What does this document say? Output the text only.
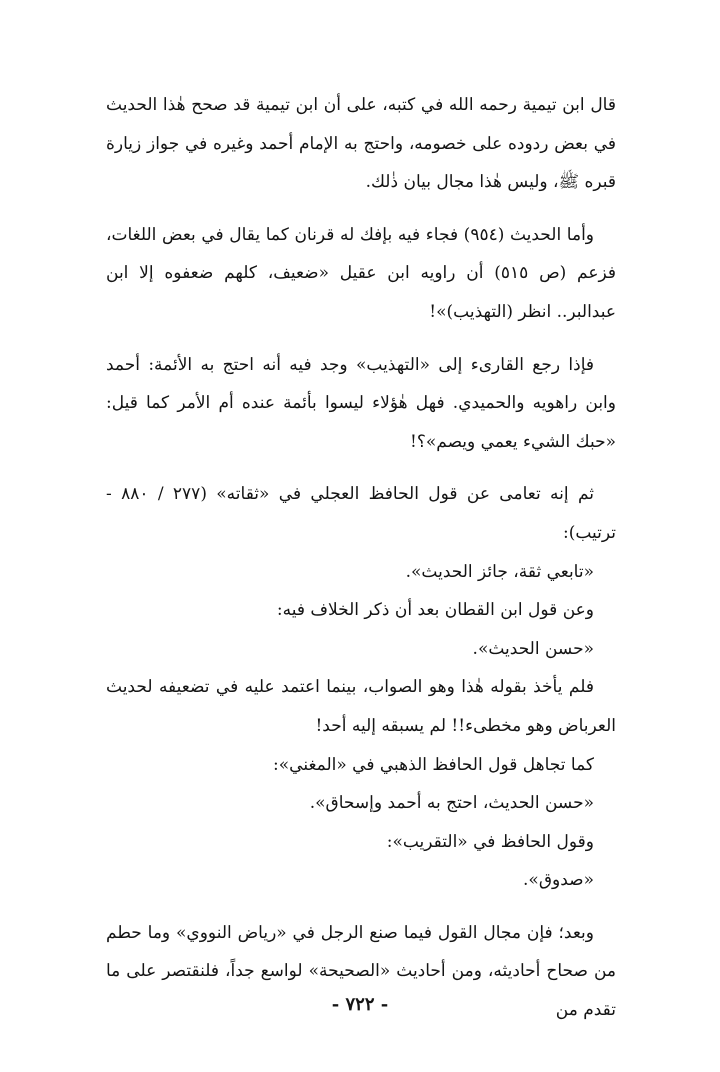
قال ابن تيمية رحمه الله في كتبه، على أن ابن تيمية قد صحح هٰذا الحديث في بعض ردوده على خصومه، واحتج به الإمام أحمد وغيره في جواز زيارة قبره ﷺ، وليس هٰذا مجال بيان ذٰلك.

وأما الحديث (٩٥٤) فجاء فيه بإفك له قرنان كما يقال في بعض اللغات، فزعم (ص ٥١٥) أن راويه ابن عقيل «ضعيف، كلهم ضعفوه إلا ابن عبدالبر.. انظر (التهذيب)»!

فإذا رجع القارىء إلى «التهذيب» وجد فيه أنه احتج به الأئمة: أحمد وابن راهويه والحميدي. فهل هٰؤلاء ليسوا بأئمة عنده أم الأمر كما قيل: «حبك الشيء يعمي ويصم»؟!

ثم إنه تعامى عن قول الحافظ العجلي في «ثقاته» (٢٧٧ / ٨٨٠ - ترتيب):

«تابعي ثقة، جائز الحديث».

وعن قول ابن القطان بعد أن ذكر الخلاف فيه:

«حسن الحديث».

فلم يأخذ بقوله هٰذا وهو الصواب، بينما اعتمد عليه في تضعيفه لحديث العرباض وهو مخطىء!! لم يسبقه إليه أحد!

كما تجاهل قول الحافظ الذهبي في «المغني»:

«حسن الحديث، احتج به أحمد وإسحاق».

وقول الحافظ في «التقريب»:

«صدوق».

وبعد؛ فإن مجال القول فيما صنع الرجل في «رياض النووي» وما حطم من صحاح أحاديثه، ومن أحاديث «الصحيحة» لواسع جداً، فلنقتصر على ما تقدم من

- ٧٢٢ -
